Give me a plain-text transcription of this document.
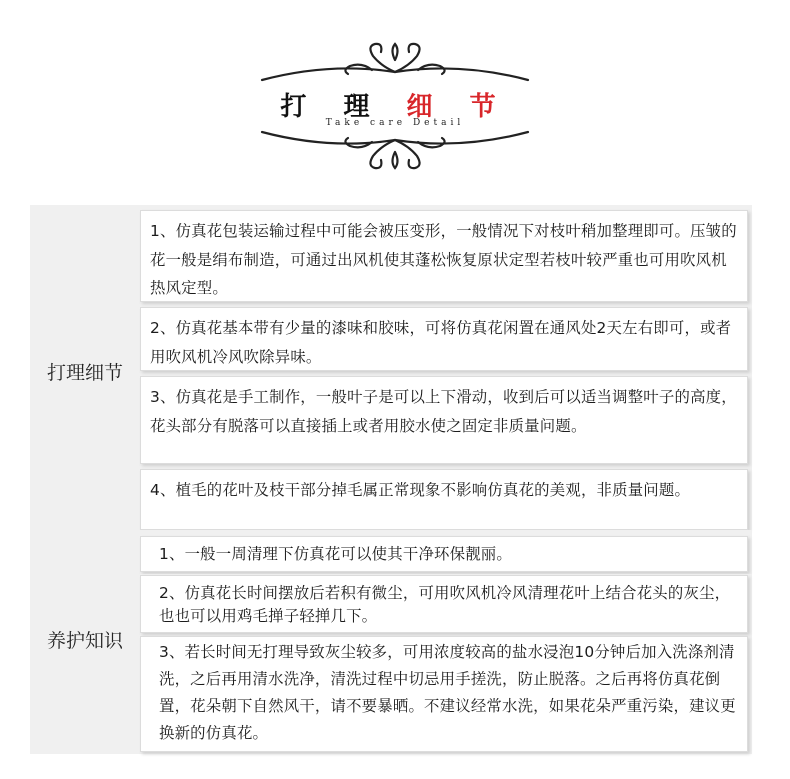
打 理 细 节
Take care Detail
打理细节
1、仿真花包装运输过程中可能会被压变形，一般情况下对枝叶稍加整理即可。压皱的花一般是绢布制造，可通过出风机使其蓬松恢复原状定型若枝叶较严重也可用吹风机热风定型。
2、仿真花基本带有少量的漆味和胶味，可将仿真花闲置在通风处2天左右即可，或者用吹风机冷风吹除异味。
3、仿真花是手工制作，一般叶子是可以上下滑动，收到后可以适当调整叶子的高度，花头部分有脱落可以直接插上或者用胶水使之固定非质量问题。
4、植毛的花叶及枝干部分掉毛属正常现象不影响仿真花的美观，非质量问题。
1、一般一周清理下仿真花可以使其干净环保靓丽。
养护知识
2、仿真花长时间摆放后若积有微尘，可用吹风机冷风清理花叶上结合花头的灰尘，也也可以用鸡毛掸子轻掸几下。
3、若长时间无打理导致灰尘较多，可用浓度较高的盐水浸泡10分钟后加入洗涤剂清洗，之后再用清水洗净，清洗过程中切忌用手搓洗，防止脱落。之后再将仿真花倒置，花朵朝下自然风干，请不要暴晒。不建议经常水洗，如果花朵严重污染，建议更换新的仿真花。
